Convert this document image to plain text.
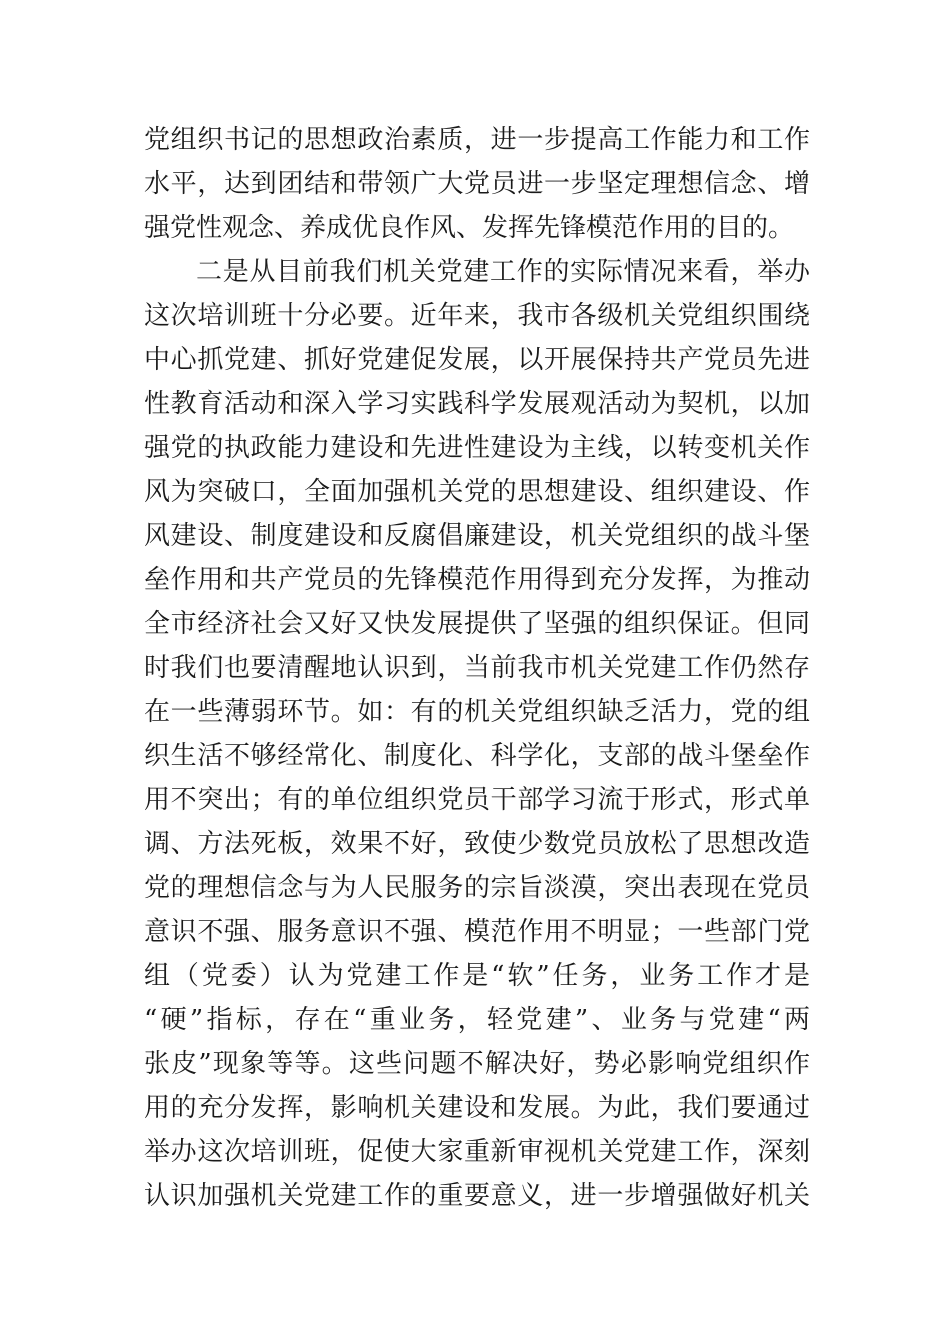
党组织书记的思想政治素质，进一步提高工作能力和工作
水平，达到团结和带领广大党员进一步坚定理想信念、增
强党性观念、养成优良作风、发挥先锋模范作用的目的。
二是从目前我们机关党建工作的实际情况来看，举办
这次培训班十分必要。近年来，我市各级机关党组织围绕
中心抓党建、抓好党建促发展，以开展保持共产党员先进
性教育活动和深入学习实践科学发展观活动为契机，以加
强党的执政能力建设和先进性建设为主线，以转变机关作
风为突破口，全面加强机关党的思想建设、组织建设、作
风建设、制度建设和反腐倡廉建设，机关党组织的战斗堡
垒作用和共产党员的先锋模范作用得到充分发挥，为推动
全市经济社会又好又快发展提供了坚强的组织保证。但同
时我们也要清醒地认识到，当前我市机关党建工作仍然存
在一些薄弱环节。如：有的机关党组织缺乏活力，党的组
织生活不够经常化、制度化、科学化，支部的战斗堡垒作
用不突出；有的单位组织党员干部学习流于形式，形式单
调、方法死板，效果不好，致使少数党员放松了思想改造
党的理想信念与为人民服务的宗旨淡漠，突出表现在党员
意识不强、服务意识不强、模范作用不明显；一些部门党
组（党委）认为党建工作是“软”任务，业务工作才是
“硬”指标，存在“重业务，轻党建”、业务与党建“两
张皮”现象等等。这些问题不解决好，势必影响党组织作
用的充分发挥，影响机关建设和发展。为此，我们要通过
举办这次培训班，促使大家重新审视机关党建工作，深刻
认识加强机关党建工作的重要意义，进一步增强做好机关
